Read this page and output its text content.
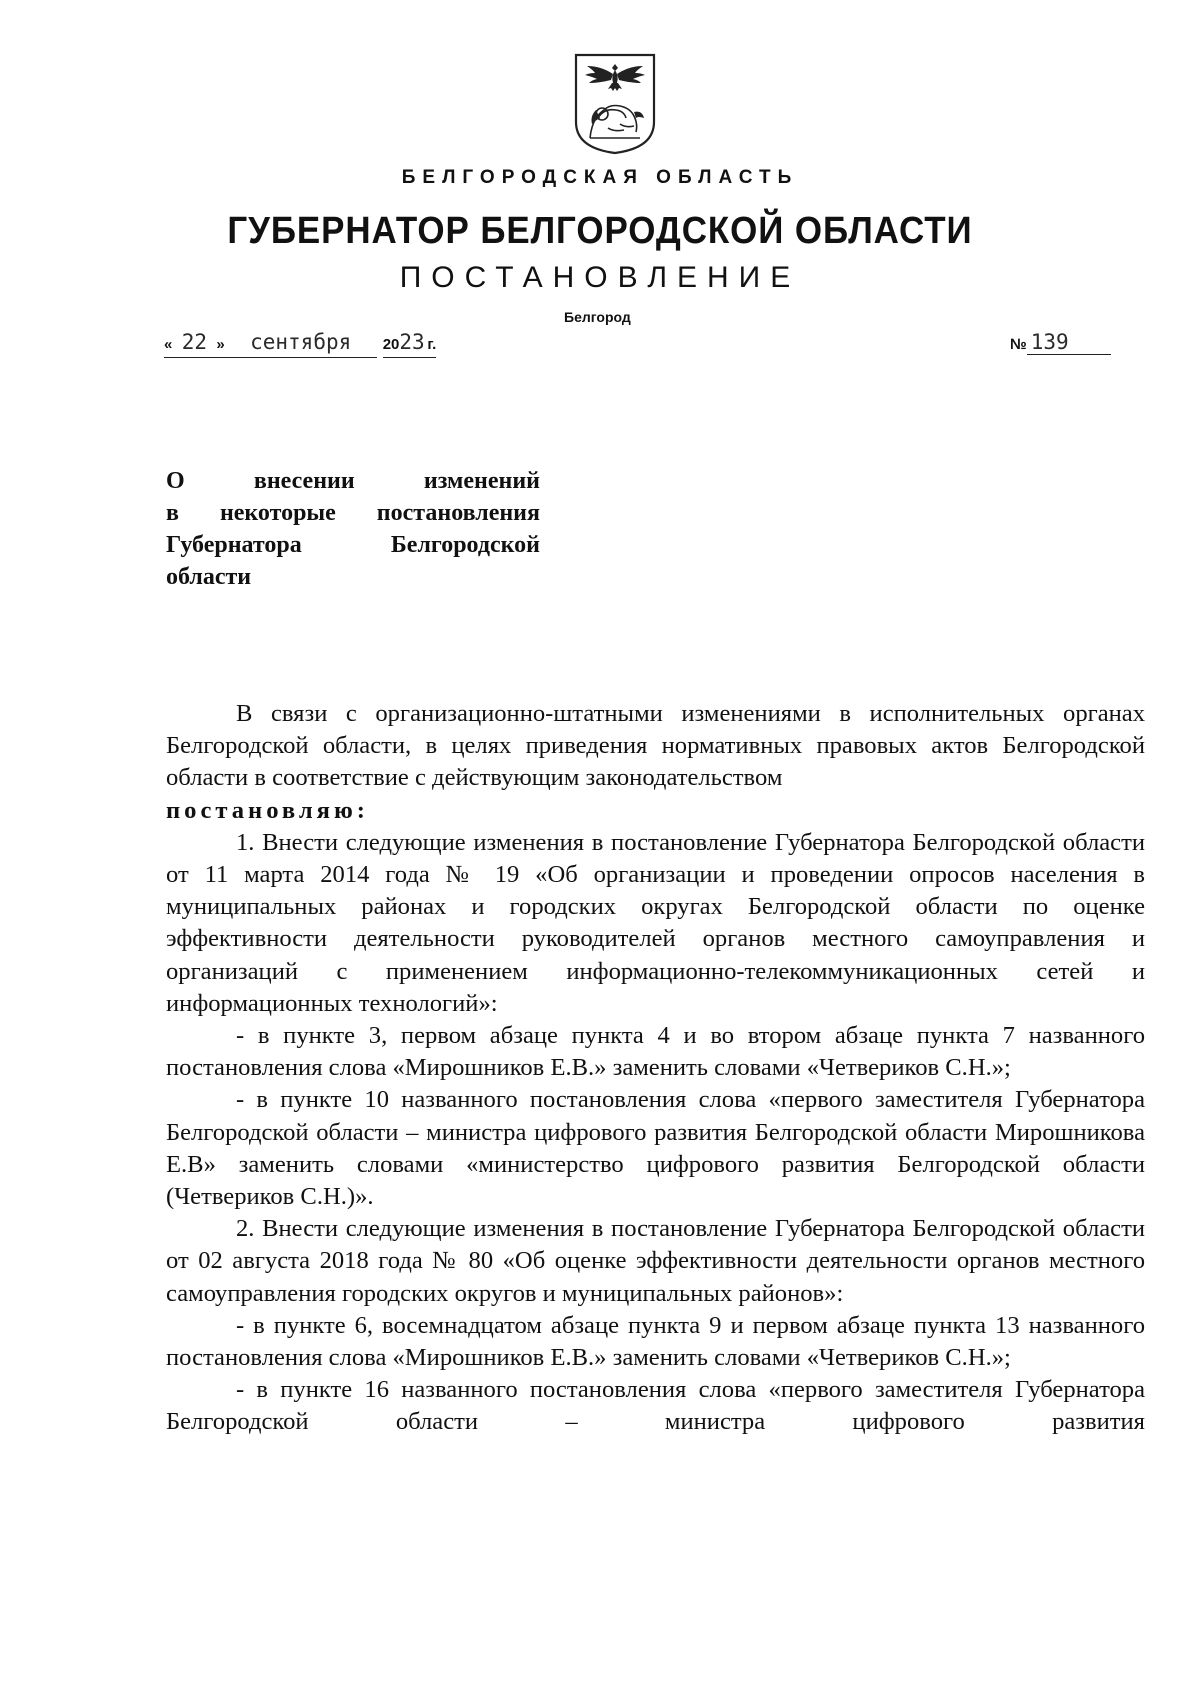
БЕЛГОРОДСКАЯ ОБЛАСТЬ
ГУБЕРНАТОР БЕЛГОРОДСКОЙ ОБЛАСТИ
ПОСТАНОВЛЕНИЕ
Белгород
« 22 » сентября 2023 г.	№ 139
О внесении изменений
в некоторые постановления
Губернатора Белгородской
области

В связи с организационно-штатными изменениями в исполнительных органах Белгородской области, в целях приведения нормативных правовых актов Белгородской области в соответствие с действующим законодательством

постановляю:

1. Внести следующие изменения в постановление Губернатора Белгородской области от 11 марта 2014 года № 19 «Об организации и проведении опросов населения в муниципальных районах и городских округах Белгородской области по оценке эффективности деятельности руководителей органов местного самоуправления и организаций с применением информационно-телекоммуникационных сетей и информационных технологий»:

- в пункте 3, первом абзаце пункта 4 и во втором абзаце пункта 7 названного постановления слова «Мирошников Е.В.» заменить словами «Четвериков С.Н.»;

- в пункте 10 названного постановления слова «первого заместителя Губернатора Белгородской области – министра цифрового развития Белгородской области Мирошникова Е.В» заменить словами «министерство цифрового развития Белгородской области (Четвериков С.Н.)».

2. Внести следующие изменения в постановление Губернатора Белгородской области от 02 августа 2018 года № 80 «Об оценке эффективности деятельности органов местного самоуправления городских округов и муниципальных районов»:

- в пункте 6, восемнадцатом абзаце пункта 9 и первом абзаце пункта 13 названного постановления слова «Мирошников Е.В.» заменить словами «Четвериков С.Н.»;

- в пункте 16 названного постановления слова «первого заместителя Губернатора Белгородской области – министра цифрового развития
